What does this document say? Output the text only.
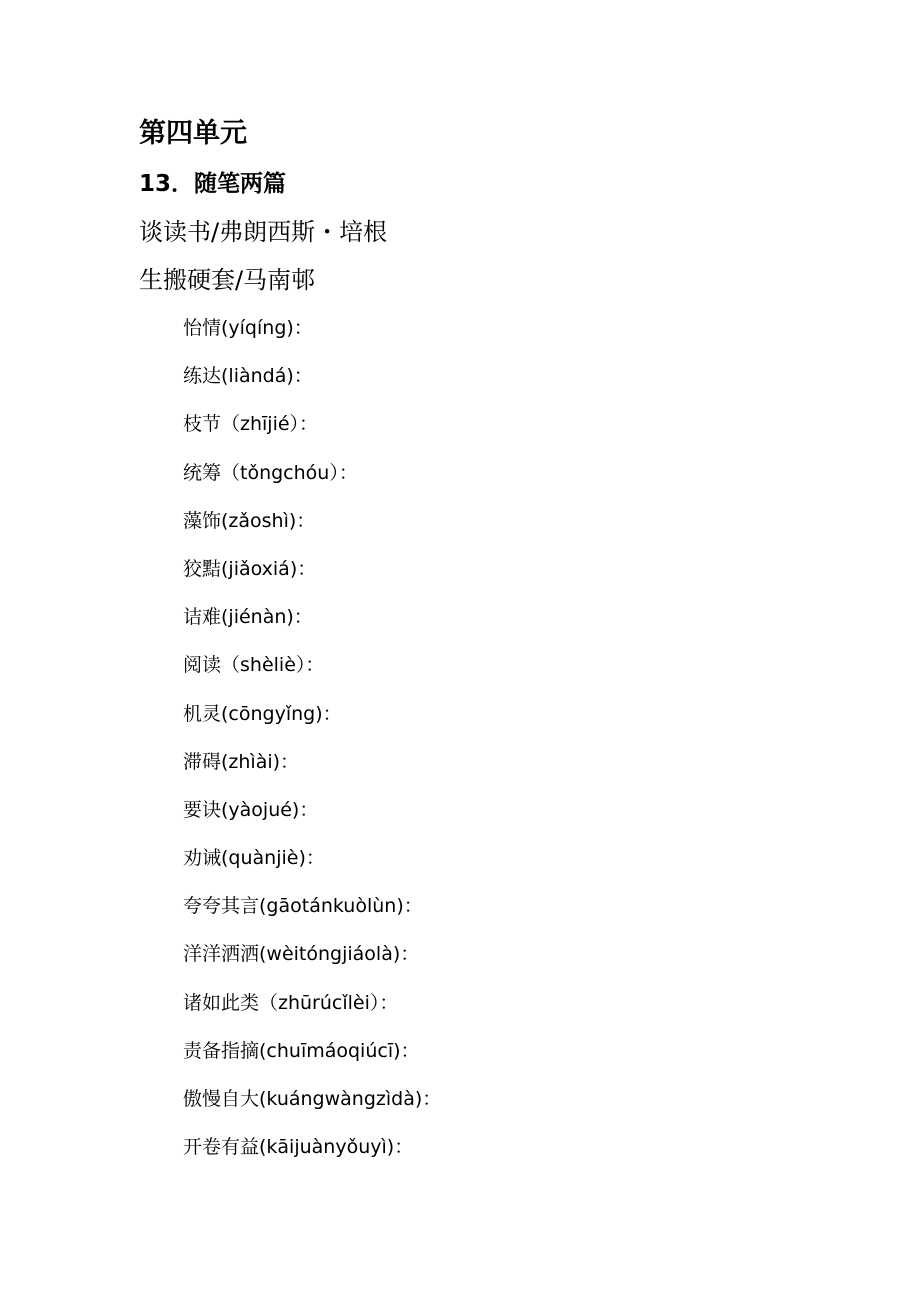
第四单元
13．随笔两篇
谈读书/弗朗西斯・培根
生搬硬套/马南邨
怡情(yíqíng)：
练达(liàndá)：
枝节（zhījié）：
统筹（tǒngchóu）：
藻饰(zǎoshì)：
狡黠(jiǎoxiá)：
诘难(jiénàn)：
阅读（shèliè）：
机灵(cōngyǐng)：
滞碍(zhìài)：
要诀(yàojué)：
劝诫(quànjiè)：
夸夸其言(gāotánkuòlùn)：
洋洋洒洒(wèitóngjiáolà)：
诸如此类（zhūrúcǐlèi）：
责备指摘(chuīmáoqiúcī)：
傲慢自大(kuángwàngzìdà)：
开卷有益(kāijuànyǒuyì)：
